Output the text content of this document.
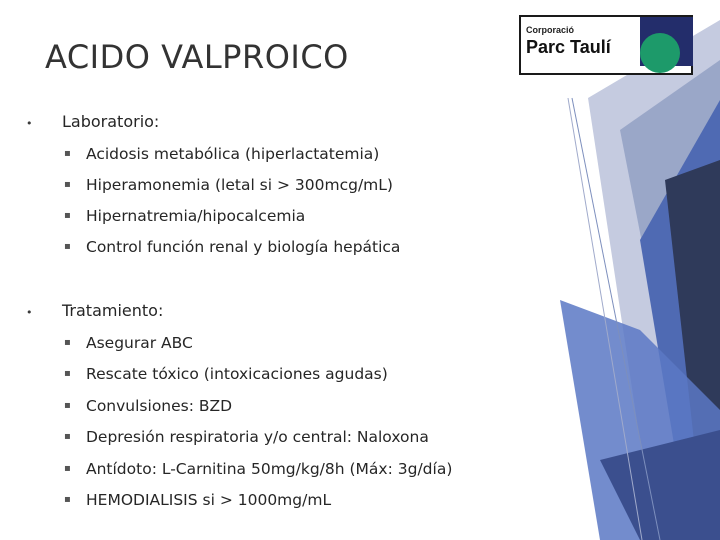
ACIDO VALPROICO
Corporació
Parc Taulí
• Laboratorio:
▪ Acidosis metabólica (hiperlactatemia)
▪ Hiperamonemia (letal si > 300mcg/mL)
▪ Hipernatremia/hipocalcemia
▪ Control función renal y biología hepática
• Tratamiento:
▪ Asegurar ABC
▪ Rescate tóxico (intoxicaciones agudas)
▪ Convulsiones: BZD
▪ Depresión respiratoria y/o central: Naloxona
▪ Antídoto: L-Carnitina 50mg/kg/8h (Máx: 3g/día)
▪ HEMODIALISIS si > 1000mg/mL
